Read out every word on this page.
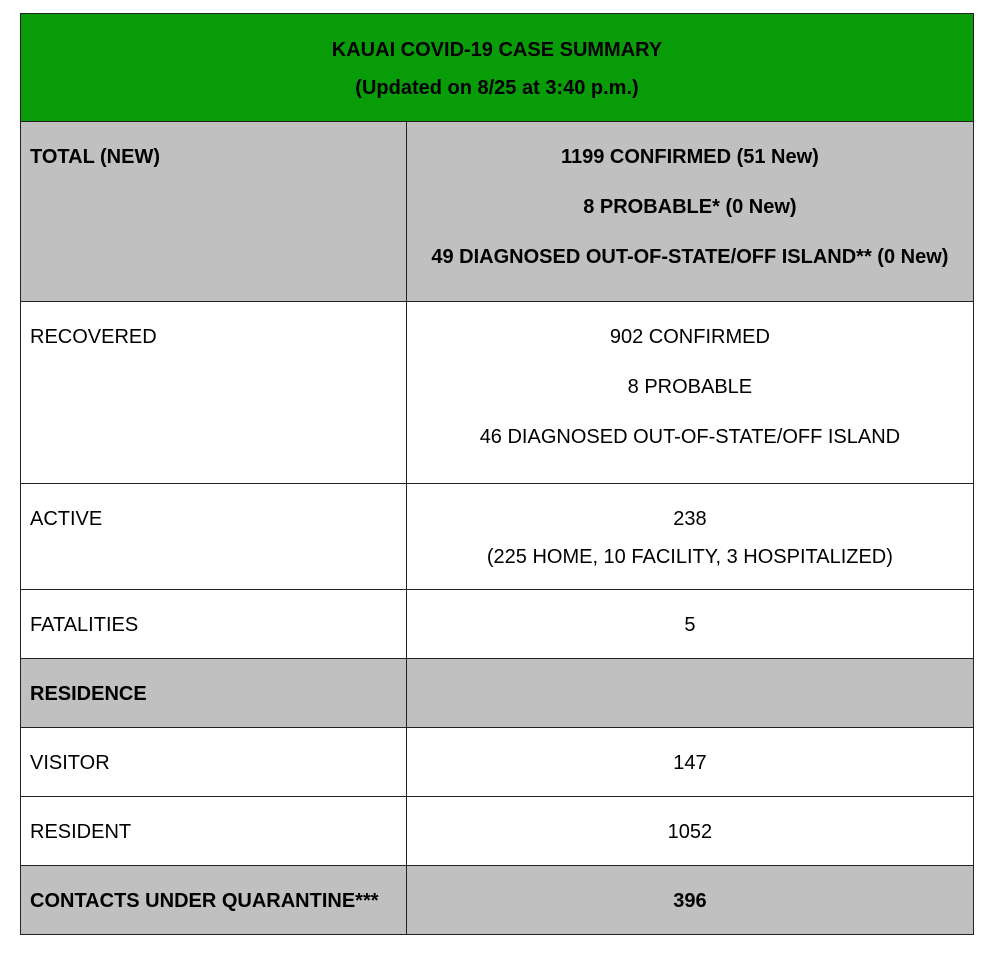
KAUAI COVID-19 CASE SUMMARY
(Updated on 8/25 at 3:40 p.m.)	

TOTAL (NEW)	1199 CONFIRMED (51 New)
8 PROBABLE* (0 New)
49 DIAGNOSED OUT-OF-STATE/OFF ISLAND** (0 New)

RECOVERED	902 CONFIRMED
8 PROBABLE
46 DIAGNOSED OUT-OF-STATE/OFF ISLAND

ACTIVE	238
(225 HOME, 10 FACILITY, 3 HOSPITALIZED)

FATALITIES	5
RESIDENCE	
VISITOR	147
RESIDENT	1052
CONTACTS UNDER QUARANTINE***	396
